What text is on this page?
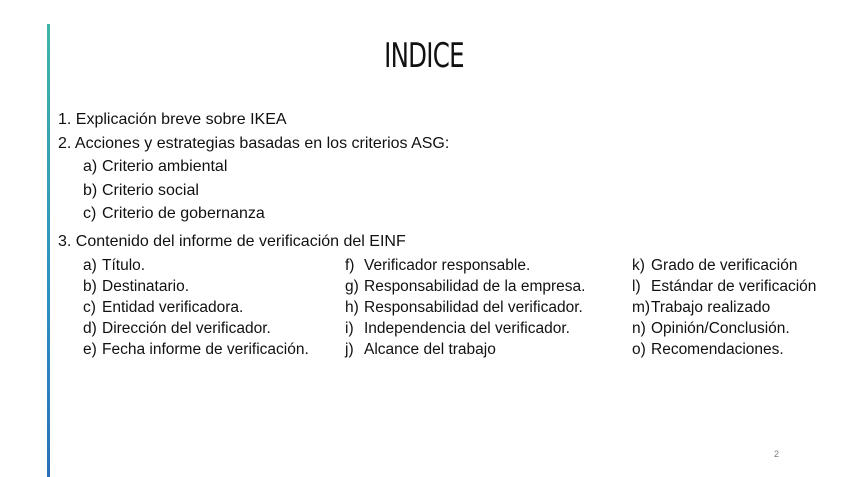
INDICE
1. Explicación breve sobre IKEA
2. Acciones y estrategias basadas en los criterios ASG:
a) Criterio ambiental
b) Criterio social
c) Criterio de gobernanza
3. Contenido del informe de verificación del EINF
a) Título.	f) Verificador responsable.	k) Grado de verificación
b) Destinatario.	g) Responsabilidad de la empresa.	l) Estándar de verificación
c) Entidad verificadora.	h) Responsabilidad del verificador.	m)Trabajo realizado
d) Dirección del verificador.	i) Independencia del verificador.	n) Opinión/Conclusión.
e) Fecha informe de verificación.	j) Alcance del trabajo	o) Recomendaciones.
2
